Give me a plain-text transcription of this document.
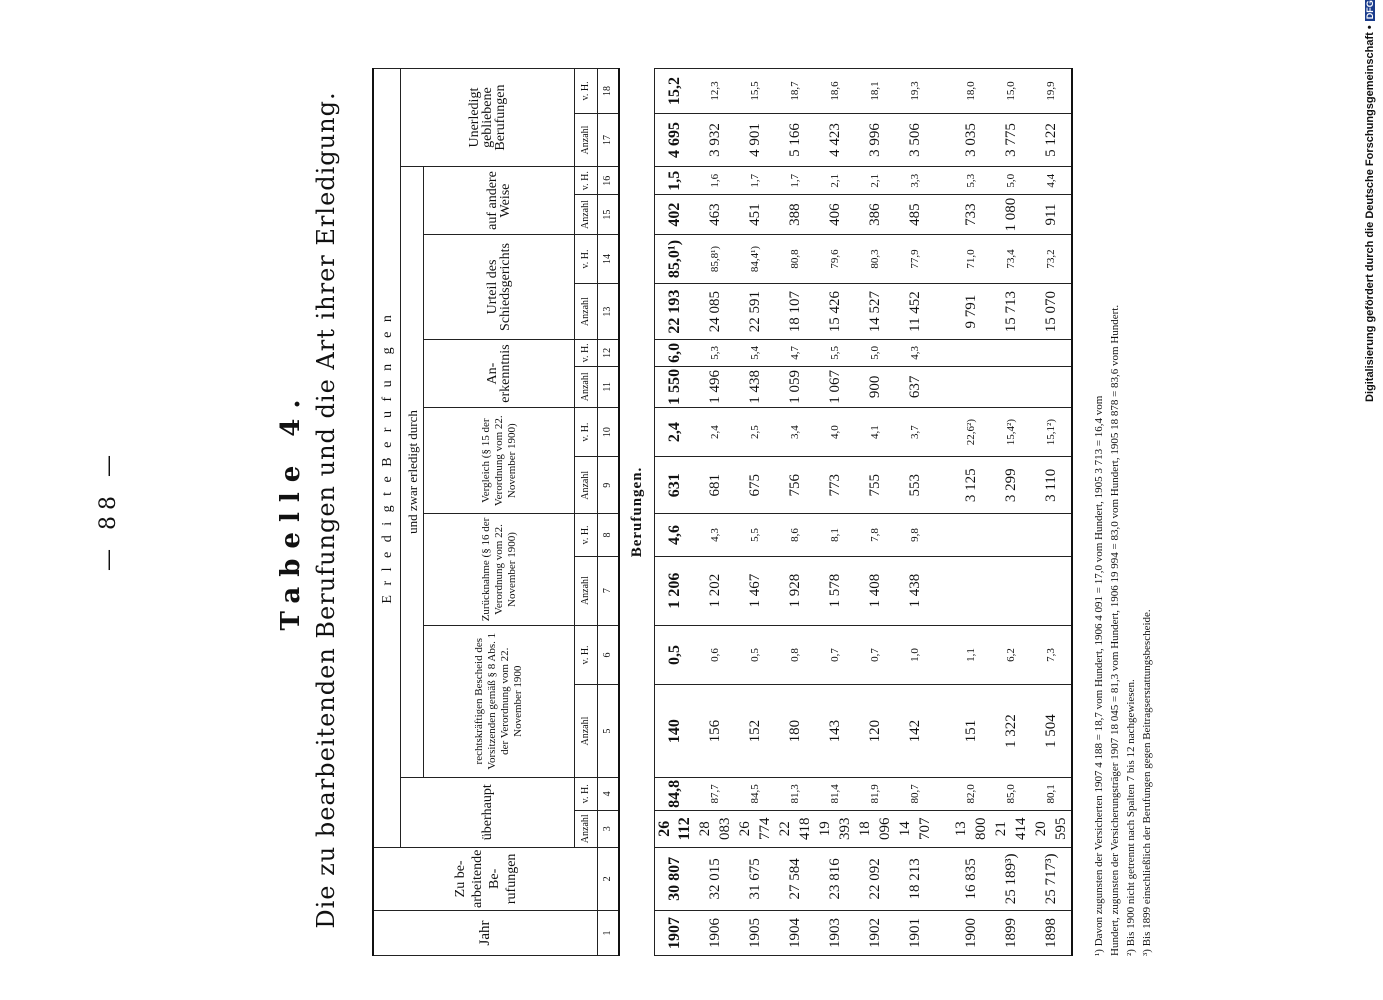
— 88 —	Tabelle 4. Die zu bearbeitenden Berufungen und die Art ihrer Erledigung.
Jahr	Zu be-arbeitende Be-rufungen	E r l e d i g t e B e r u f u n g e n															
		überhaupt		und zwar erledigt durch												Unerledigt gebliebene Berufungen	
				rechtskräftigen Bescheid des Vorsitzenden gemäß § 8 Abs. 1 der Verordnung vom 22. November 1900		Zurücknahme (§ 16 der Verordnung vom 22. November 1900)		Vergleich (§ 15 der Verordnung vom 22. November 1900)		An-erkenntnis		Urteil des Schiedsgerichts		auf andere Weise			
		Anzahl	v. H.	Anzahl	v. H.	Anzahl	v. H.	Anzahl	v. H.	Anzahl	v. H.	Anzahl	v. H.	Anzahl	v. H.	Anzahl	v. H.
1	2	3	4	5	6	7	8	9	10	11	12	13	14	15	16	17	18
Berufungen.																	
1907	30 807	26 112	84,8	140	0,5	1 206	4,6	631	2,4	1 550	6,0	22 193	85,0¹)	402	1,5	4 695	15,2
1906	32 015	28 083	87,7	156	0,6	1 202	4,3	681	2,4	1 496	5,3	24 085	85,8¹)	463	1,6	3 932	12,3
1905	31 675	26 774	84,5	152	0,5	1 467	5,5	675	2,5	1 438	5,4	22 591	84,4¹)	451	1,7	4 901	15,5
1904	27 584	22 418	81,3	180	0,8	1 928	8,6	756	3,4	1 059	4,7	18 107	80,8	388	1,7	5 166	18,7
1903	23 816	19 393	81,4	143	0,7	1 578	8,1	773	4,0	1 067	5,5	15 426	79,6	406	2,1	4 423	18,6
1902	22 092	18 096	81,9	120	0,7	1 408	7,8	755	4,1	900	5,0	14 527	80,3	386	2,1	3 996	18,1
1901	18 213	14 707	80,7	142	1,0	1 438	9,8	553	3,7	637	4,3	11 452	77,9	485	3,3	3 506	19,3
1900	16 835	13 800	82,0	151	1,1			3 125	22,6²)			9 791	71,0	733	5,3	3 035	18,0
1899	25 189³)	21 414	85,0	1 322	6,2			3 299	15,4²)			15 713	73,4	1 080	5,0	3 775	15,0
1898	25 717³)	20 595	80,1	1 504	7,3			3 110	15,1²)			15 070	73,2	911	4,4	5 122	19,9
¹) Davon zugunsten der Versicherten 1907 4 188 = 18,7 vom Hundert, 1906 4 091 = 17,0 vom Hundert, 1905 3 713 = 16,4 vom Hundert, zugunsten der Versicherungsträger 1907 18 045 = 81,3 vom Hundert, 1906 19 994 = 83,0 vom Hundert, 1905 18 878 = 83,6 vom Hundert. ²) Bis 1900 nicht getrennt nach Spalten 7 bis 12 nachgewiesen. ³) Bis 1899 einschließlich der Berufungen gegen Beitragserstattungsbescheide.
Digitalisierung gefördert durch die Deutsche Forschungsgemeinschaft •DFG
